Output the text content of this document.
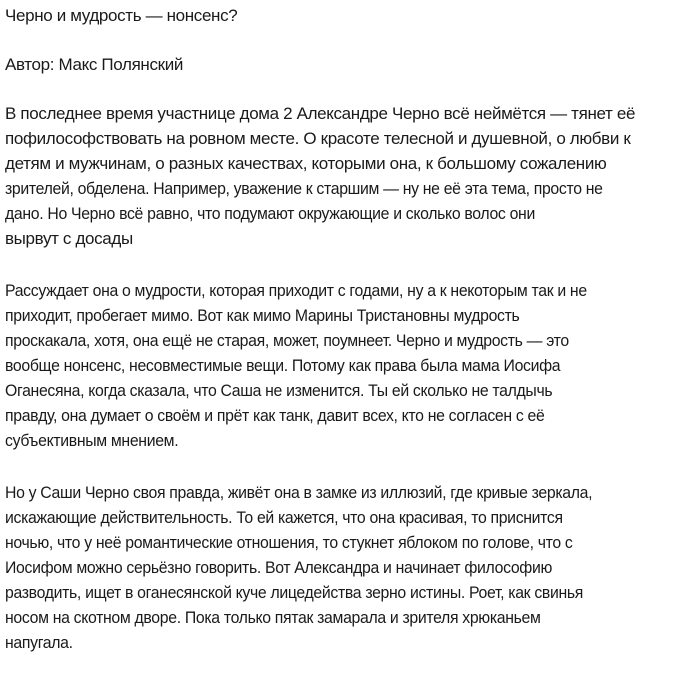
Черно и мудрость — нонсенс?
Автор: Макс Полянский
В последнее время участнице дома 2 Александре Черно всё неймётся — тянет её
пофилософствовать на ровном месте. О красоте телесной и душевной, о любви к
детям и мужчинам, о разных качествах, которыми она, к большому сожалению
зрителей, обделена. Например, уважение к старшим — ну не её эта тема, просто не
дано. Но Черно всё равно, что подумают окружающие и сколько волос они
вырвут с досады
Рассуждает она о мудрости, которая приходит с годами, ну а к некоторым так и не
приходит, пробегает мимо. Вот как мимо Марины Тристановны мудрость
проскакала, хотя, она ещё не старая, может, поумнеет. Черно и мудрость — это
вообще нонсенс, несовместимые вещи. Потому как права была мама Иосифа
Оганесяна, когда сказала, что Саша не изменится. Ты ей сколько не талдычь
правду, она думает о своём и прёт как танк, давит всех, кто не согласен с её
субъективным мнением.
Но у Саши Черно своя правда, живёт она в замке из иллюзий, где кривые зеркала,
искажающие действительность. То ей кажется, что она красивая, то приснится
ночью, что у неё романтические отношения, то стукнет яблоком по голове, что с
Иосифом можно серьёзно говорить. Вот Александра и начинает философию
разводить, ищет в оганесянской куче лицедейства зерно истины. Роет, как свинья
носом на скотном дворе. Пока только пятак замарала и зрителя хрюканьем
напугала.
